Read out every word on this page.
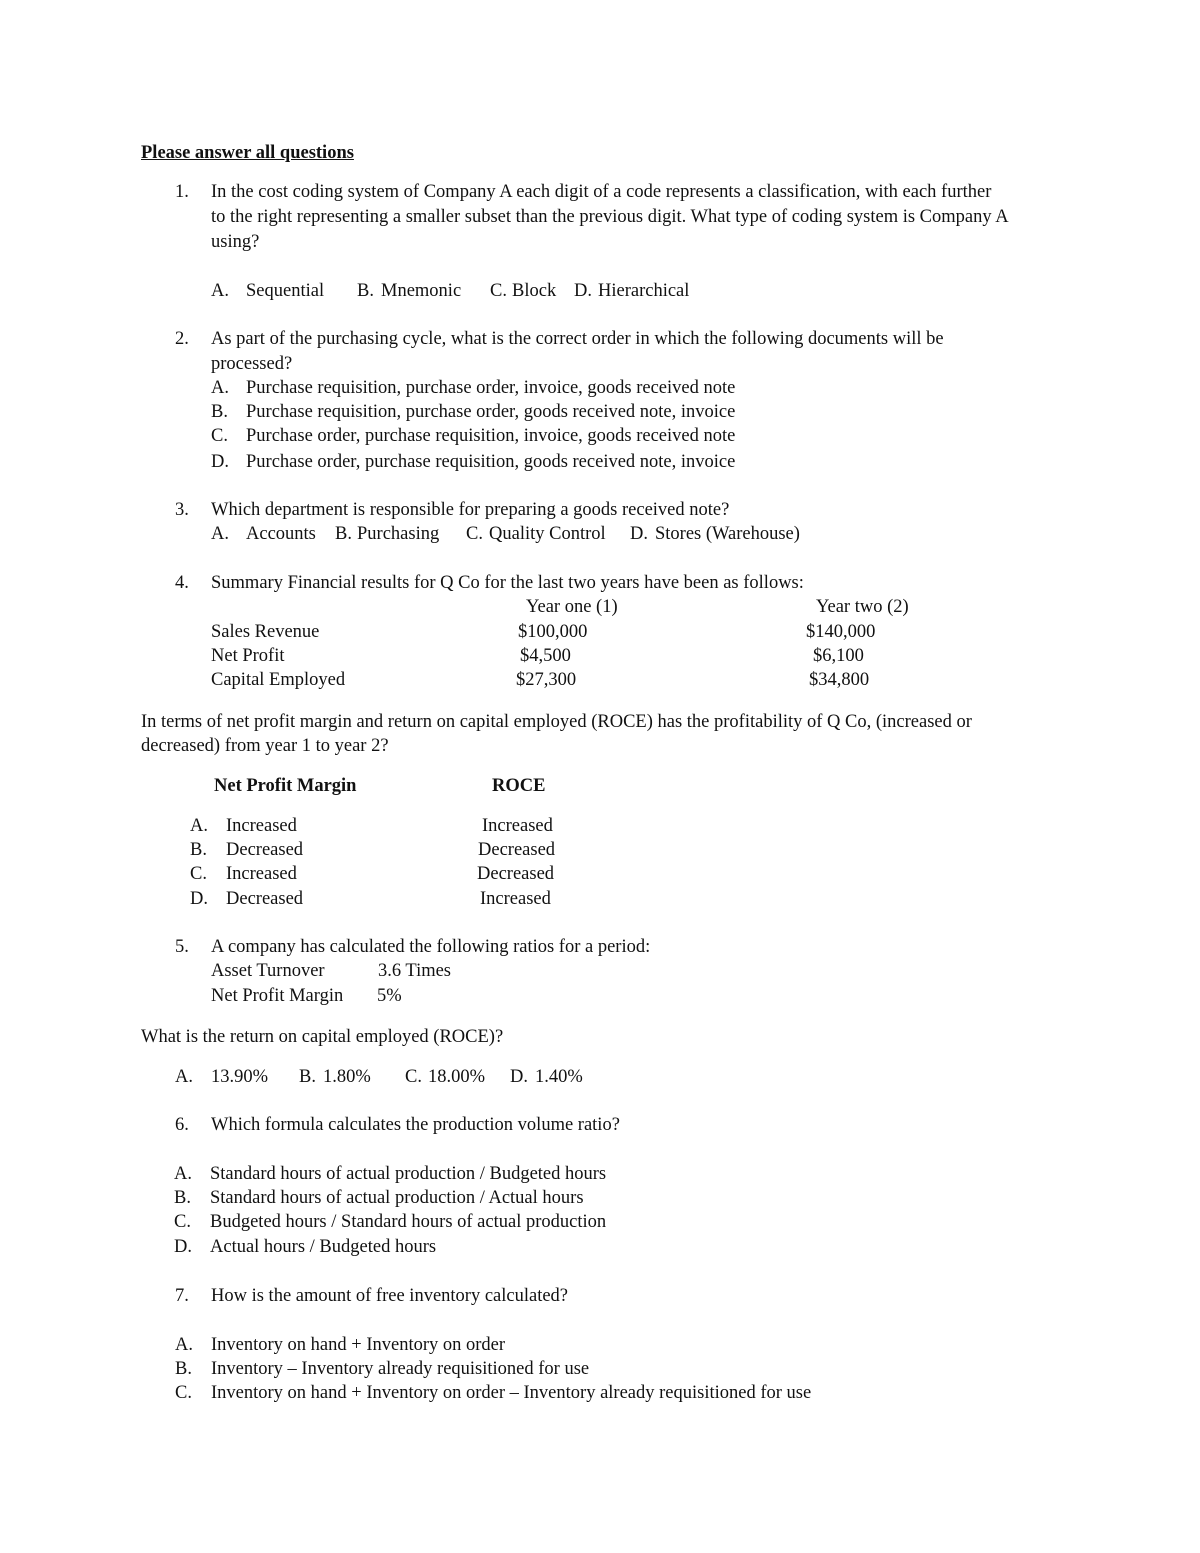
Please answer all questions
1. In the cost coding system of Company A each digit of a code represents a classification, with each further
to the right representing a smaller subset than the previous digit. What type of coding system is Company A
using?
A. Sequential B. Mnemonic C. Block D. Hierarchical
2. As part of the purchasing cycle, what is the correct order in which the following documents will be
processed?
A. Purchase requisition, purchase order, invoice, goods received note
B. Purchase requisition, purchase order, goods received note, invoice
C. Purchase order, purchase requisition, invoice, goods received note
D. Purchase order, purchase requisition, goods received note, invoice
3. Which department is responsible for preparing a goods received note?
A. Accounts B. Purchasing C. Quality Control D. Stores (Warehouse)
4. Summary Financial results for Q Co for the last two years have been as follows:
Year one (1)	Year two (2)
Sales Revenue	$100,000	$140,000
Net Profit	$4,500	$6,100
Capital Employed	$27,300	$34,800
In terms of net profit margin and return on capital employed (ROCE) has the profitability of Q Co, (increased or
decreased) from year 1 to year 2?
Net Profit Margin	ROCE
A. Increased	Increased
B. Decreased	Decreased
C. Increased	Decreased
D. Decreased	Increased
5. A company has calculated the following ratios for a period:
Asset Turnover	3.6 Times
Net Profit Margin 5%
What is the return on capital employed (ROCE)?
A. 13.90% B. 1.80% C. 18.00% D. 1.40%
6. Which formula calculates the production volume ratio?
A. Standard hours of actual production / Budgeted hours
B. Standard hours of actual production / Actual hours
C. Budgeted hours / Standard hours of actual production
D. Actual hours / Budgeted hours
7. How is the amount of free inventory calculated?
A. Inventory on hand + Inventory on order
B. Inventory – Inventory already requisitioned for use
C. Inventory on hand + Inventory on order – Inventory already requisitioned for use
